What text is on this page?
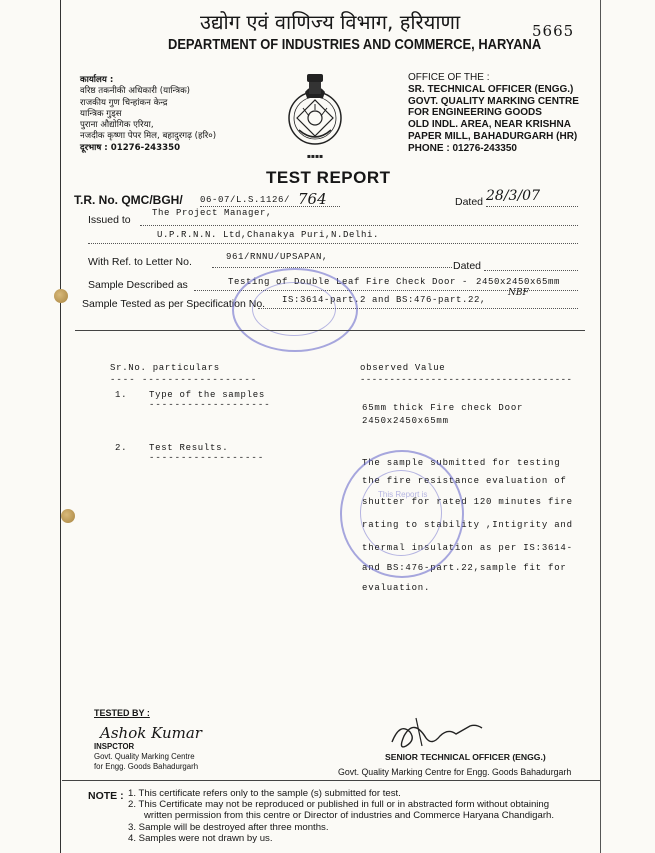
उद्योग एवं वाणिज्य विभाग, हरियाणा	5665
DEPARTMENT OF INDUSTRIES AND COMMERCE, HARYANA
कार्यालय :
वरिष्ठ तकनीकी अधिकारी (यान्त्रिक)
राजकीय गुण चिन्हांकन केन्द्र
यान्त्रिक गुड्स
पुराना औद्योगिक एरिया,
नजदीक कृष्णा पेपर मिल, बहादुरगढ़ (हरि०)
दूरभाष : 01276-243350
▪▪▪▪
OFFICE OF THE :
SR. TECHNICAL OFFICER (ENGG.)
GOVT. QUALITY MARKING CENTRE
FOR ENGINEERING GOODS
OLD INDL. AREA, NEAR KRISHNA
PAPER MILL, BAHADURGARH (HR)
PHONE : 01276-243350
TEST REPORT
T.R. No. QMC/BGH/ 06-07/L.S.1126/ 764	Dated 28/3/07
Issued to
The Project Manager,
U.P.R.N.N. Ltd,Chanakya Puri,N.Delhi.
With Ref. to Letter No.	961/RNNU/UPSAPAN,
Dated
Sample Described as	Testing of Double Leaf Fire Check Door - 2450x2450x65mm
Sample Tested as per Specification No. IS:3614-part.2 and BS:476-part.22,
NBF
Sr.No. particulars
---- ------------------
observed Value
------------------------------------
1. Type of the samples
-------------------	65mm thick Fire check Door
2450x2450x65mm
2. Test Results.
------------------	The sample submitted for testing
the fire resistance evaluation of
shutter for rated 120 minutes fire
rating to stability ,Intigrity and
thermal insulation as per IS:3614-
and BS:476-part.22,sample fit for
evaluation.
This Report is
TESTED BY :
Ashok Kumar
INSPCTOR
Govt. Quality Marking Centre
for Engg. Goods Bahadurgarh
SENIOR TECHNICAL OFFICER (ENGG.)
Govt. Quality Marking Centre for Engg. Goods Bahadurgarh
NOTE : 1. This certificate refers only to the sample (s) submitted for test.
2. This Certificate may not be reproduced or published in full or in abstracted form without obtaining
written permission from this centre or Director of industries and Commerce Haryana Chandigarh.
3. Sample will be destroyed after three months.
4. Samples were not drawn by us.
